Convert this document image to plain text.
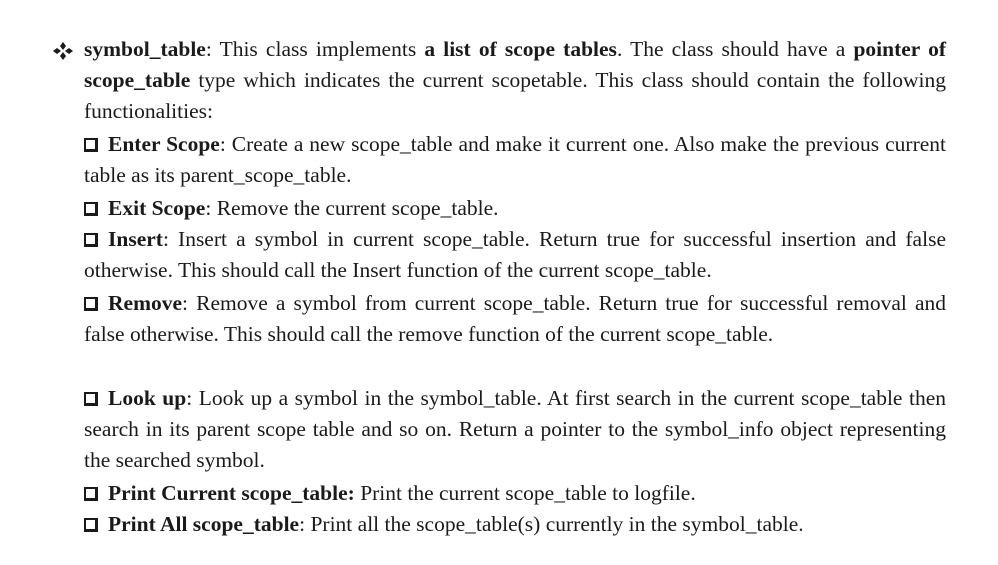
symbol_table: This class implements a list of scope tables. The class should have a pointer of scope_table type which indicates the current scopetable. This class should contain the following functionalities:
Enter Scope: Create a new scope_table and make it current one. Also make the previous current table as its parent_scope_table.
Exit Scope: Remove the current scope_table.
Insert: Insert a symbol in current scope_table. Return true for successful insertion and false otherwise. This should call the Insert function of the current scope_table.
Remove: Remove a symbol from current scope_table. Return true for successful removal and false otherwise. This should call the remove function of the current scope_table.
Look up: Look up a symbol in the symbol_table. At first search in the current scope_table then search in its parent scope table and so on. Return a pointer to the symbol_info object representing the searched symbol.
Print Current scope_table: Print the current scope_table to logfile.
Print All scope_table: Print all the scope_table(s) currently in the symbol_table.
